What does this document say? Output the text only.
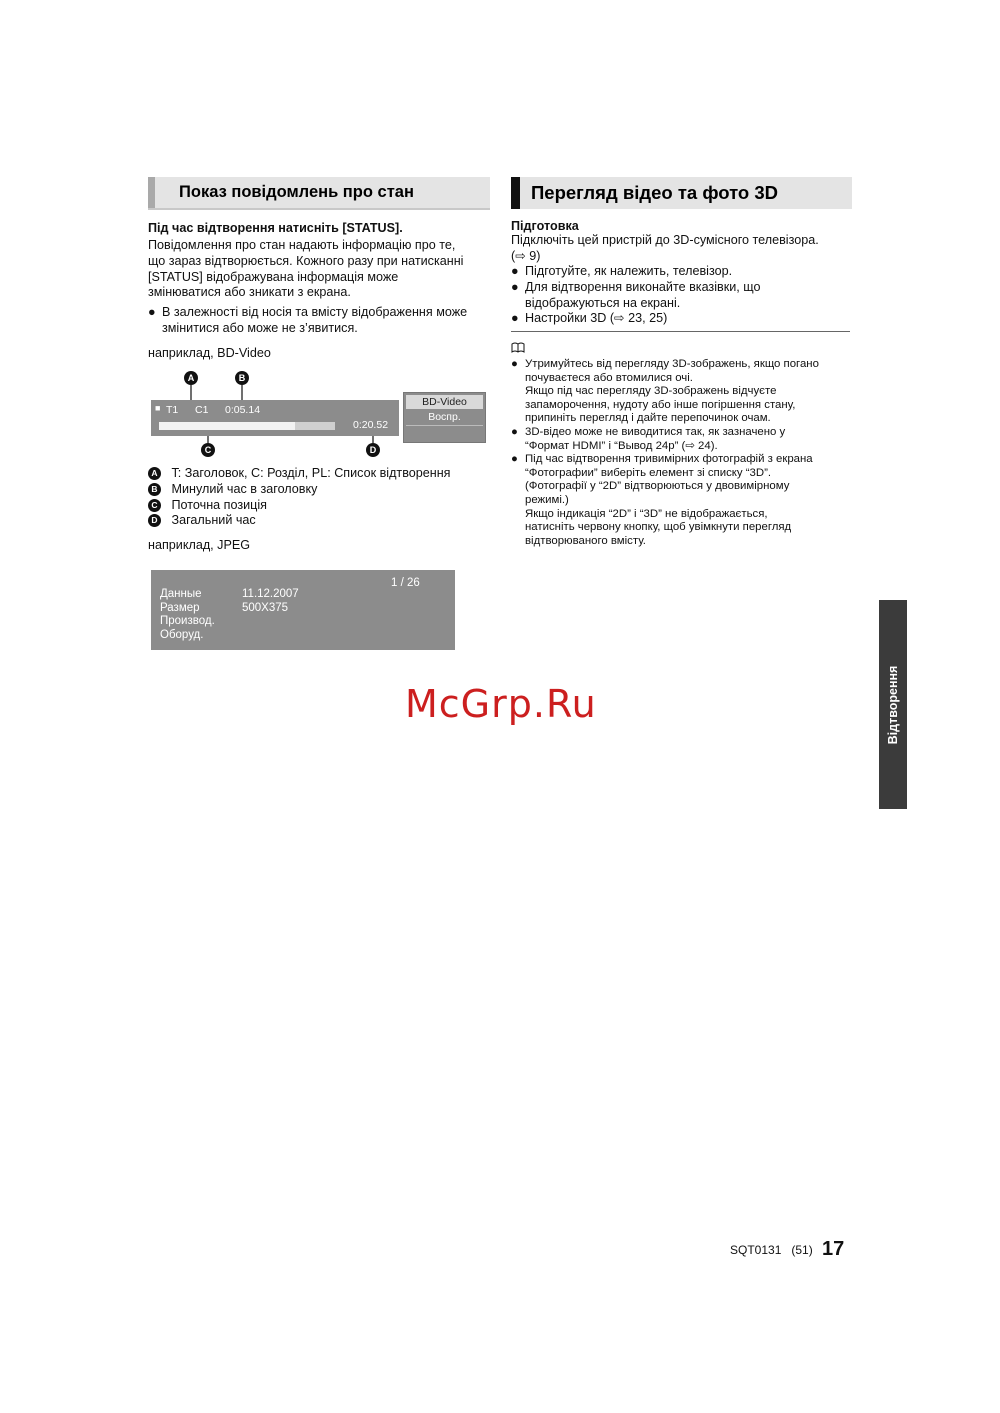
Показ повідомлень про стан	Перегляд відео та фото 3D
Під час відтворення натисніть [STATUS].
Повідомлення про стан надають інформацію про те,
що зараз відтворюється. Кожного разу при натисканні
[STATUS] відображувана інформація може
змінюватися або зникати з екрана.
● В залежності від носія та вмісту відображення може
змінитися або може не з’явитися.
наприклад, BD-Video
A	B
C	D
■ T1 C1 0:05.14
0:20.52
BD-Video
Воспр.
A T: Заголовок, C: Розділ, PL: Список відтворення
B Минулий час в заголовку
C Поточна позиція
D Загальний час
наприклад, JPEG
1 / 26
Данные	11.12.2007
Размер	500X375
Производ.
Оборуд.
Підготовка
Підключіть цей пристрій до 3D-сумісного телевізора.
(⇨ 9)
● Підготуйте, як належить, телевізор.
● Для відтворення виконайте вказівки, що
відображуються на екрані.
● Настройки 3D (⇨ 23, 25)
● Утримуйтесь від перегляду 3D-зображень, якщо погано
почуваєтеся або втомилися очі.
Якщо під час перегляду 3D-зображень відчуєте
запаморочення, нудоту або інше погіршення стану,
припиніть перегляд і дайте перепочинок очам.
● 3D-відео може не виводитися так, як зазначено у
“Формат HDMI” і “Вывод 24p” (⇨ 24).
● Під час відтворення тривимірних фотографій з екрана
“Фотографии” виберіть елемент зі списку “3D”.
(Фотографії у “2D” відтворюються у двовимірному
режимі.)
Якщо індикація “2D” і “3D” не відображається,
натисніть червону кнопку, щоб увімкнути перегляд
відтворюваного вмісту.
Відтворення
McGrp.Ru
SQT0131 (51) 17
